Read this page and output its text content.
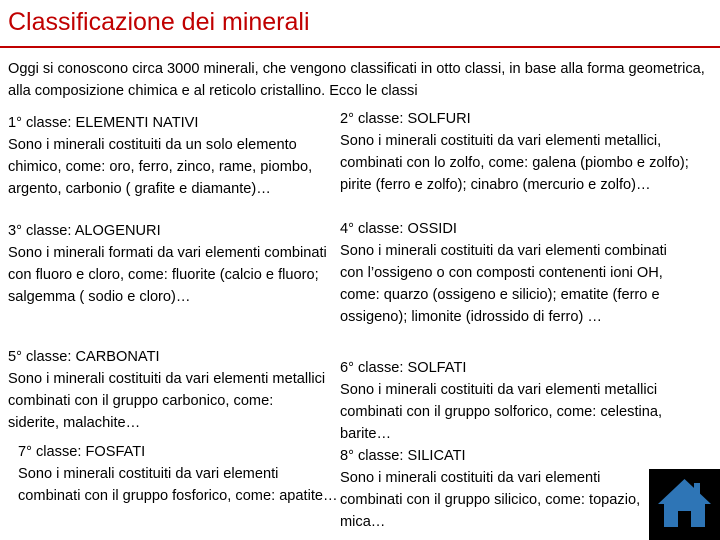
Classificazione dei minerali
Oggi si conoscono circa 3000 minerali, che vengono classificati in otto classi, in base alla forma geometrica, alla composizione chimica e al reticolo cristallino. Ecco le classi
1° classe: ELEMENTI NATIVI

Sono i minerali costituiti da un solo elemento chimico, come: oro, ferro, zinco, rame, piombo, argento, carbonio ( grafite e diamante)…

2° classe: SOLFURI

Sono i minerali costituiti da vari elementi metallici, combinati con lo zolfo, come: galena (piombo e zolfo); pirite (ferro e zolfo); cinabro (mercurio e zolfo)…

3° classe: ALOGENURI

Sono i minerali formati da vari elementi combinati con fluoro e cloro, come: fluorite (calcio e fluoro; salgemma ( sodio e cloro)…

4° classe: OSSIDI

Sono i minerali costituiti da vari elementi combinati con l’ossigeno o con composti contenenti ioni OH, come: quarzo (ossigeno e silicio); ematite (ferro e ossigeno); limonite (idrossido di ferro) …

5° classe: CARBONATI

Sono i minerali costituiti da vari elementi metallici combinati con il gruppo carbonico, come: siderite, malachite…

6° classe: SOLFATI

Sono i minerali costituiti da vari elementi metallici combinati con il gruppo solforico, come: celestina, barite…

7° classe: FOSFATI

Sono i minerali costituiti da vari elementi combinati con il gruppo fosforico, come: apatite…

8° classe: SILICATI

Sono i minerali costituiti da vari elementi combinati con il gruppo silicico, come: topazio, mica…
